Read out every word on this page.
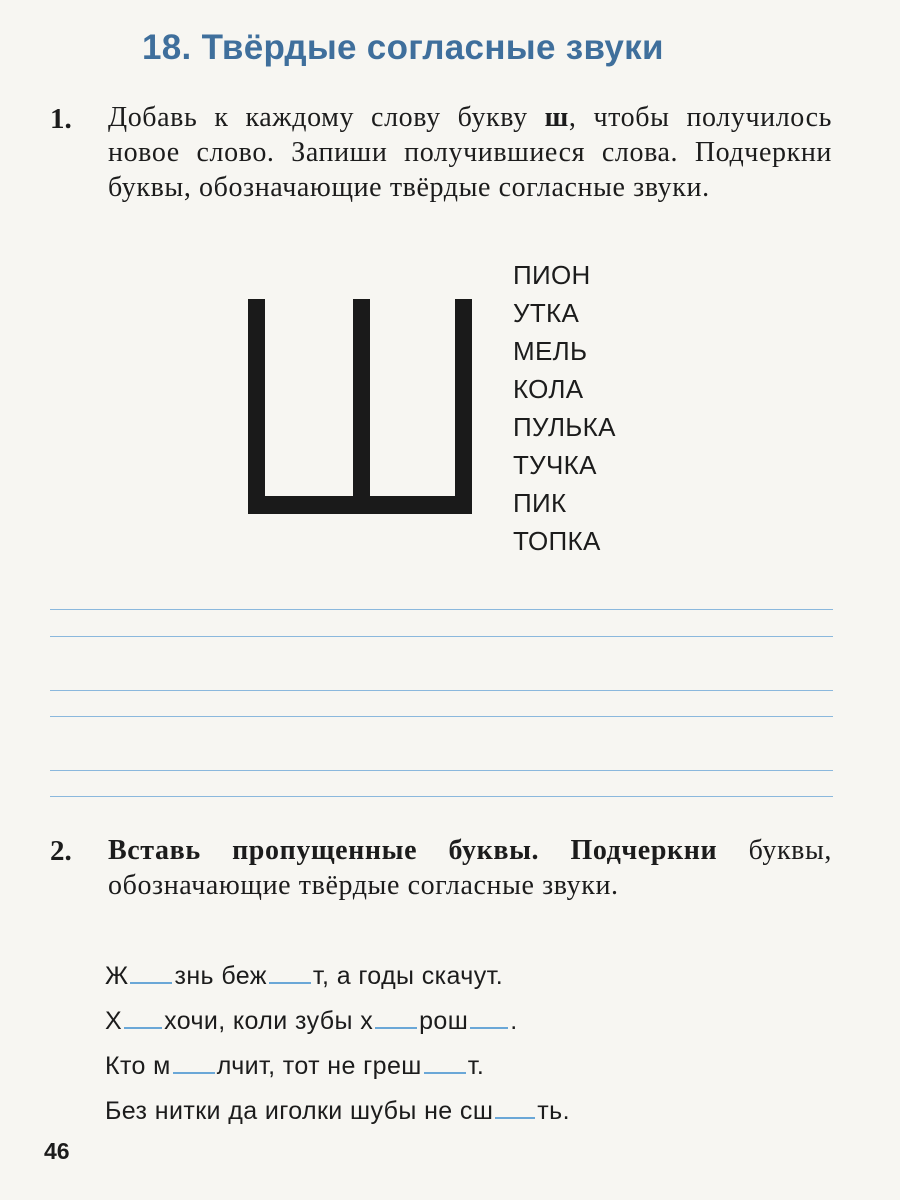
18. Твёрдые согласные звуки
1. Добавь к каждому слову букву ш, чтобы получилось новое слово. Запиши получившиеся слова. Подчеркни буквы, обозначающие твёрдые согласные звуки.
ПИОН
УТКА
МЕЛЬ
КОЛА
ПУЛЬКА
ТУЧКА
ПИК
ТОПКА
2. Вставь пропущенные буквы. Подчеркни буквы, обозначающие твёрдые согласные звуки.
Ж знь беж т, а годы скачут.
Х хочи, коли зубы х рош .
Кто м лчит, тот не греш т.
Без нитки да иголки шубы не сш ть.
46
